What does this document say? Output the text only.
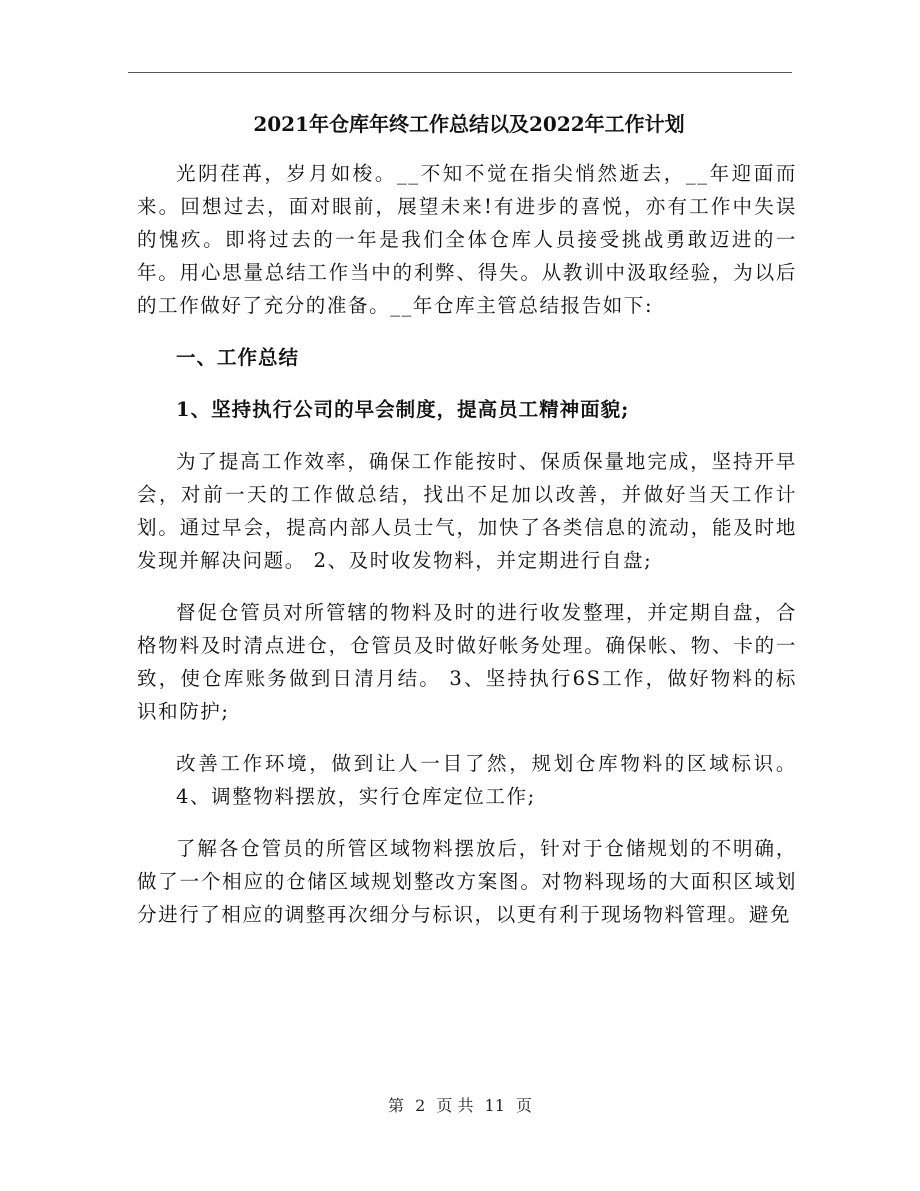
2021年仓库年终工作总结以及2022年工作计划

光阴荏苒，岁月如梭。__不知不觉在指尖悄然逝去，__年迎面而来。回想过去，面对眼前，展望未来!有进步的喜悦，亦有工作中失误的愧疚。即将过去的一年是我们全体仓库人员接受挑战勇敢迈进的一年。用心思量总结工作当中的利弊、得失。从教训中汲取经验，为以后的工作做好了充分的准备。__年仓库主管总结报告如下:

一、工作总结

1、坚持执行公司的早会制度，提高员工精神面貌;

为了提高工作效率，确保工作能按时、保质保量地完成，坚持开早会，对前一天的工作做总结，找出不足加以改善，并做好当天工作计划。通过早会，提高内部人员士气，加快了各类信息的流动，能及时地发现并解决问题。 2、及时收发物料，并定期进行自盘;

督促仓管员对所管辖的物料及时的进行收发整理，并定期自盘，合格物料及时清点进仓，仓管员及时做好帐务处理。确保帐、物、卡的一致，使仓库账务做到日清月结。 3、坚持执行6S工作，做好物料的标识和防护;

改善工作环境，做到让人一目了然，规划仓库物料的区域标识。 4、调整物料摆放，实行仓库定位工作;

了解各仓管员的所管区域物料摆放后，针对于仓储规划的不明确，做了一个相应的仓储区域规划整改方案图。对物料现场的大面积区域划分进行了相应的调整再次细分与标识，以更有利于现场物料管理。避免

第 2 页 共 11 页
